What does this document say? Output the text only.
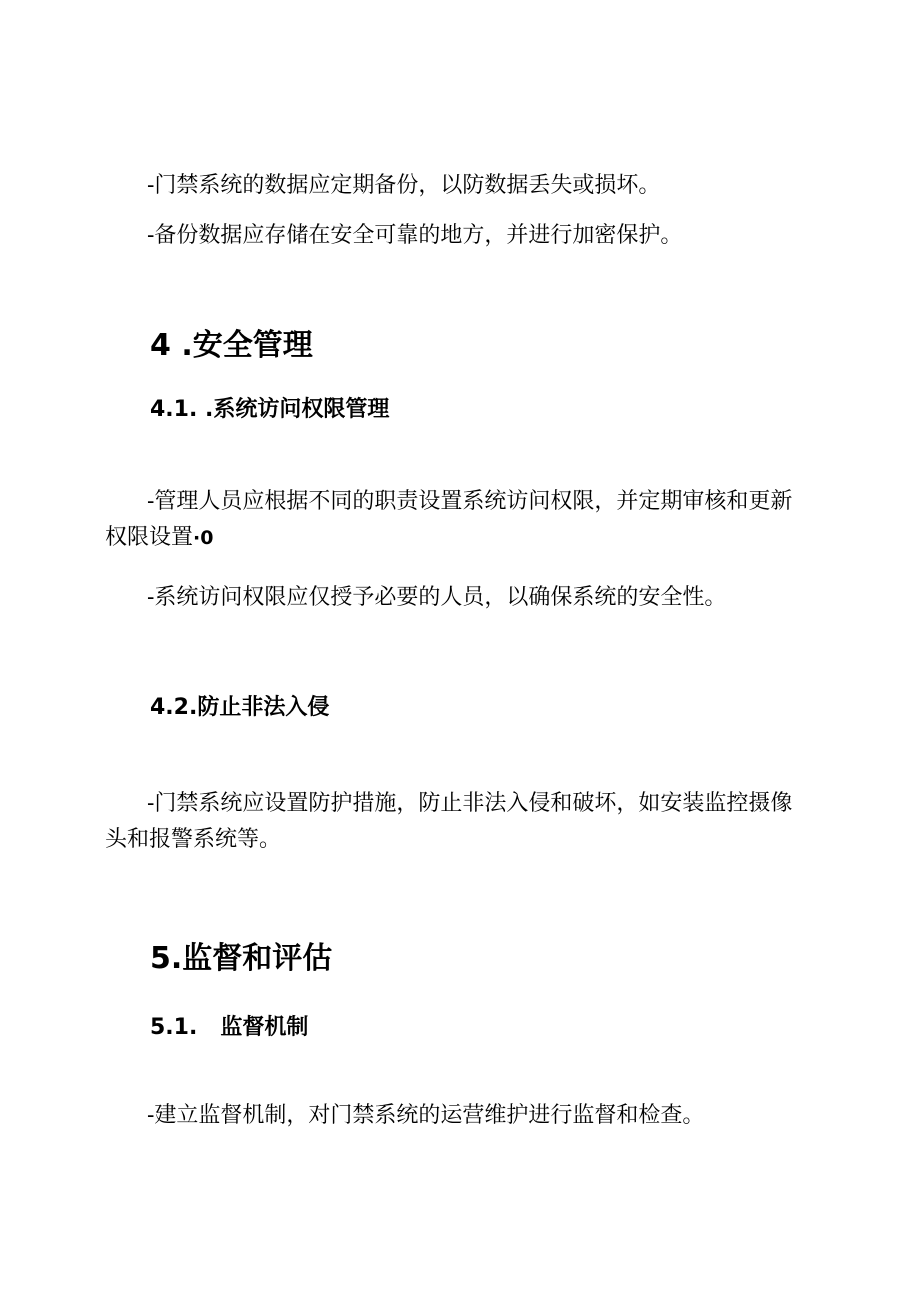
-门禁系统的数据应定期备份，以防数据丢失或损坏。

-备份数据应存储在安全可靠的地方，并进行加密保护。

4 .安全管理
4.1. .系统访问权限管理

-管理人员应根据不同的职责设置系统访问权限，并定期审核和更新权限设置·0

-系统访问权限应仅授予必要的人员，以确保系统的安全性。

4.2.防止非法入侵

-门禁系统应设置防护措施，防止非法入侵和破坏，如安装监控摄像头和报警系统等。

5.监督和评估
5.1.   监督机制

-建立监督机制，对门禁系统的运营维护进行监督和检查。
